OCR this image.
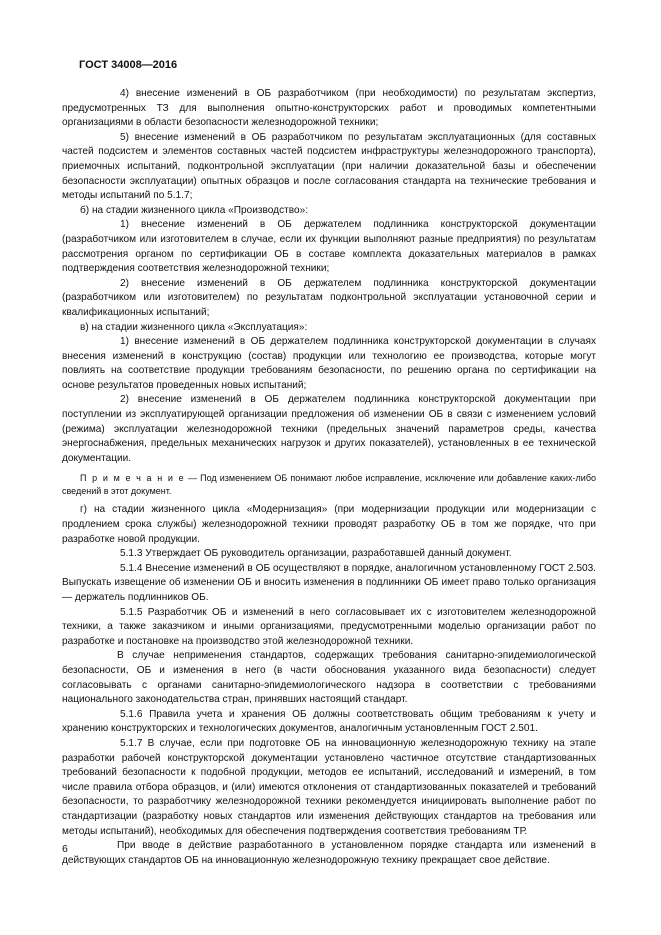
ГОСТ 34008—2016

4) внесение изменений в ОБ разработчиком (при необходимости) по результатам экспертиз, предусмотренных ТЗ для выполнения опытно-конструкторских работ и проводимых компетентными организациями в области безопасности железнодорожной техники;

5) внесение изменений в ОБ разработчиком по результатам эксплуатационных (для составных частей подсистем и элементов составных частей подсистем инфраструктуры железнодорожного транспорта), приемочных испытаний, подконтрольной эксплуатации (при наличии доказательной базы и обеспечении безопасности эксплуатации) опытных образцов и после согласования стандарта на технические требования и методы испытаний по 5.1.7;

б) на стадии жизненного цикла «Производство»:

1) внесение изменений в ОБ держателем подлинника конструкторской документации (разработчиком или изготовителем в случае, если их функции выполняют разные предприятия) по результатам рассмотрения органом по сертификации ОБ в составе комплекта доказательных материалов в рамках подтверждения соответствия железнодорожной техники;

2) внесение изменений в ОБ держателем подлинника конструкторской документации (разработчиком или изготовителем) по результатам подконтрольной эксплуатации установочной серии и квалификационных испытаний;

в) на стадии жизненного цикла «Эксплуатация»:

1) внесение изменений в ОБ держателем подлинника конструкторской документации в случаях внесения изменений в конструкцию (состав) продукции или технологию ее производства, которые могут повлиять на соответствие продукции требованиям безопасности, по решению органа по сертификации на основе результатов проведенных новых испытаний;

2) внесение изменений в ОБ держателем подлинника конструкторской документации при поступлении из эксплуатирующей организации предложения об изменении ОБ в связи с изменением условий (режима) эксплуатации железнодорожной техники (предельных значений параметров среды, качества энергоснабжения, предельных механических нагрузок и других показателей), установленных в ее технической документации.

П р и м е ч а н и е — Под изменением ОБ понимают любое исправление, исключение или добавление каких-либо сведений в этот документ.

г) на стадии жизненного цикла «Модернизация» (при модернизации продукции или модернизации с продлением срока службы) железнодорожной техники проводят разработку ОБ в том же порядке, что при разработке новой продукции.

5.1.3 Утверждает ОБ руководитель организации, разработавшей данный документ.

5.1.4 Внесение изменений в ОБ осуществляют в порядке, аналогичном установленному ГОСТ 2.503. Выпускать извещение об изменении ОБ и вносить изменения в подлинники ОБ имеет право только организация — держатель подлинников ОБ.

5.1.5 Разработчик ОБ и изменений в него согласовывает их с изготовителем железнодорожной техники, а также заказчиком и иными организациями, предусмотренными моделью организации работ по разработке и постановке на производство этой железнодорожной техники.

В случае неприменения стандартов, содержащих требования санитарно-эпидемиологической безопасности, ОБ и изменения в него (в части обоснования указанного вида безопасности) следует согласовывать с органами санитарно-эпидемиологического надзора в соответствии с требованиями национального законодательства стран, принявших настоящий стандарт.

5.1.6 Правила учета и хранения ОБ должны соответствовать общим требованиям к учету и хранению конструкторских и технологических документов, аналогичным установленным ГОСТ 2.501.

5.1.7 В случае, если при подготовке ОБ на инновационную железнодорожную технику на этапе разработки рабочей конструкторской документации установлено частичное отсутствие стандартизованных требований безопасности к подобной продукции, методов ее испытаний, исследований и измерений, в том числе правила отбора образцов, и (или) имеются отклонения от стандартизованных показателей и требований безопасности, то разработчику железнодорожной техники рекомендуется инициировать выполнение работ по стандартизации (разработку новых стандартов или изменения действующих стандартов на требования или методы испытаний), необходимых для обеспечения подтверждения соответствия требованиям ТР.

При вводе в действие разработанного в установленном порядке стандарта или изменений в действующих стандартов ОБ на инновационную железнодорожную технику прекращает свое действие.

6
